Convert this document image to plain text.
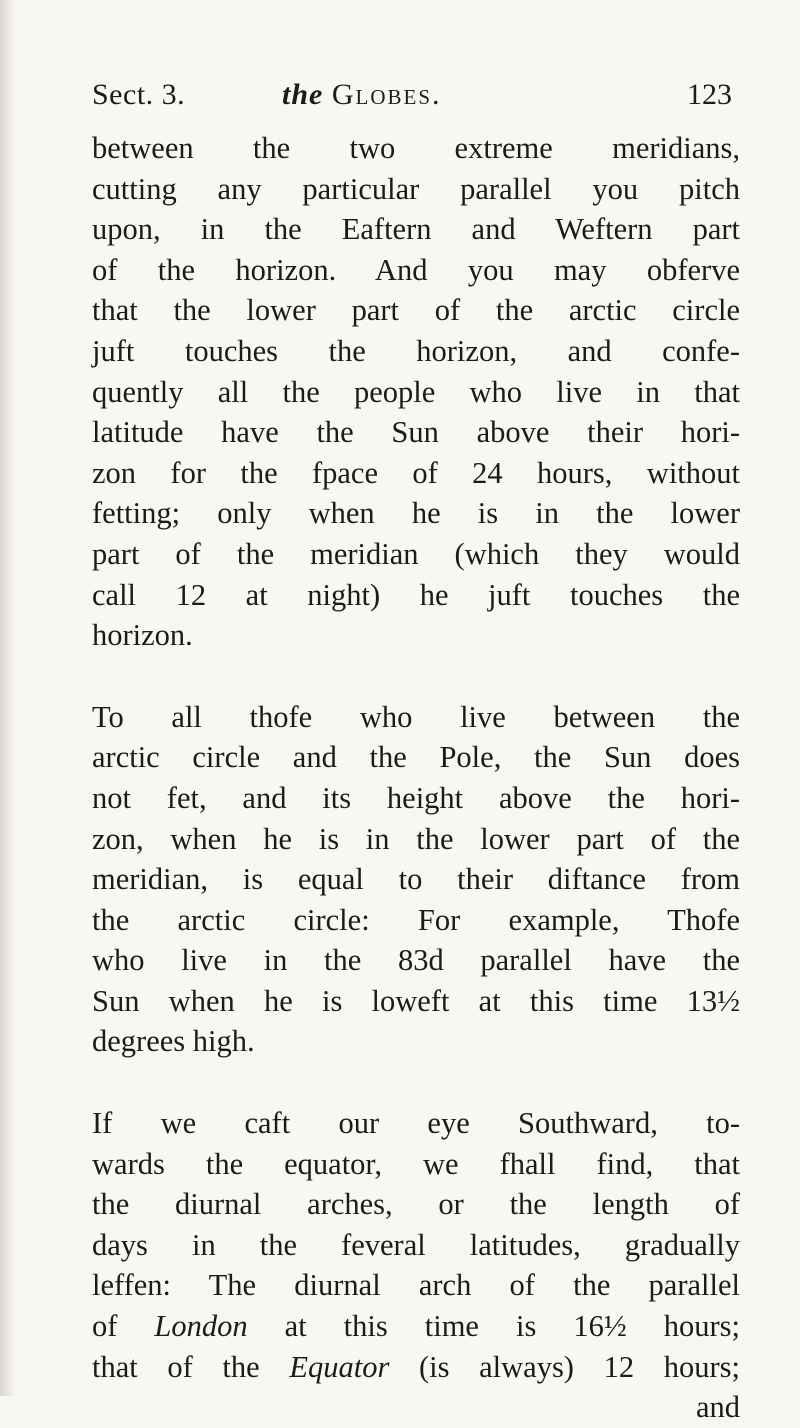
Sect. 3.	the Globes.	123
between the two extreme meridians,
cutting any particular parallel you pitch
upon, in the Eaftern and Weftern part
of the horizon. And you may obferve
that the lower part of the arctic circle
juft touches the horizon, and confe-
quently all the people who live in that
latitude have the Sun above their hori-
zon for the fpace of 24 hours, without
fetting; only when he is in the lower
part of the meridian (which they would
call 12 at night) he juft touches the
horizon.
To all thofe who live between the
arctic circle and the Pole, the Sun does
not fet, and its height above the hori-
zon, when he is in the lower part of the
meridian, is equal to their diftance from
the arctic circle: For example, Thofe
who live in the 83d parallel have the
Sun when he is loweft at this time 13½
degrees high.
If we caft our eye Southward, to-
wards the equator, we fhall find, that
the diurnal arches, or the length of
days in the feveral latitudes, gradually
leffen: The diurnal arch of the parallel
of London at this time is 16½ hours;
that of the Equator (is always) 12 hours;
and
